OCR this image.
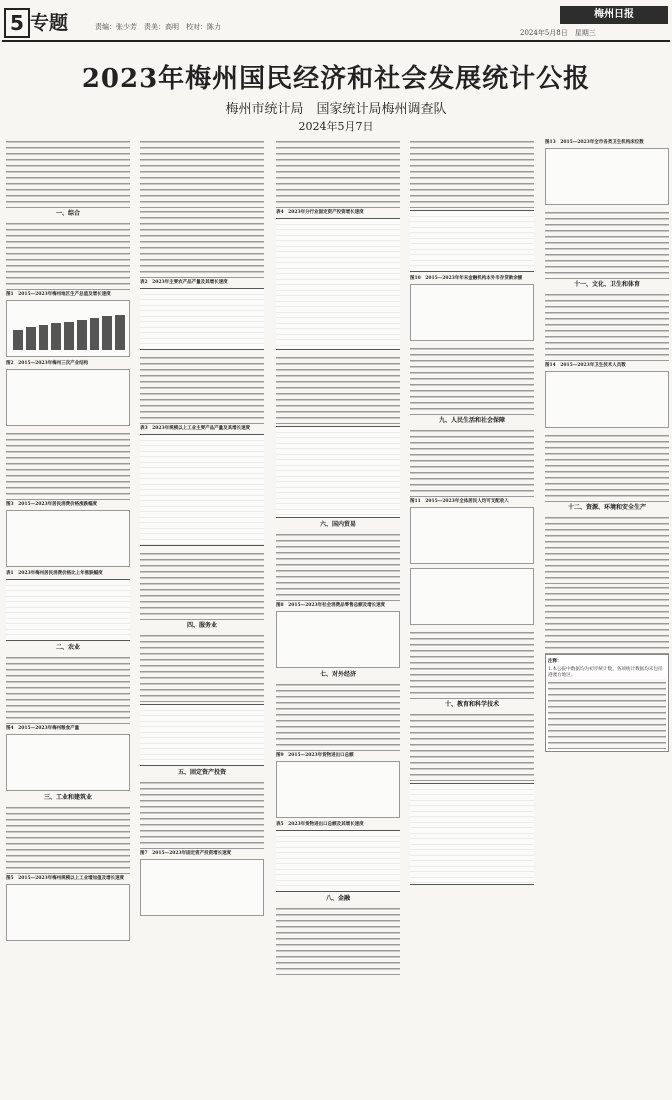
5 专题	责编：张少芳　责美：高明　校对：陈力
梅州日报
2024年5月8日　星期三
2023年梅州国民经济和社会发展统计公报
梅州市统计局　国家统计局梅州调查队
2024年5月7日
一、综合
图1　2015—2023年梅州地区生产总值及增长速度
图2　2015—2023年梅州三次产业结构
图3　2015—2023年居民消费价格涨跌幅度
表1　2023年梅州居民消费价格比上年涨跌幅度
二、农业
图4　2015—2023年梅州粮食产量
三、工业和建筑业
图5　2015—2023年梅州规模以上工业增加值及增长速度
表2　2023年主要农产品产量及其增长速度
表3　2023年规模以上工业主要产品产量及其增长速度
四、服务业
五、固定资产投资
图7　2015—2023年固定资产投资增长速度
表4　2023年分行业固定资产投资增长速度
六、国内贸易
图8　2015—2023年社会消费品零售总额及增长速度
七、对外经济
图9　2015—2023年货物进出口总额
表5　2023年货物进出口总额及其增长速度
八、金融
图10　2015—2023年年末金融机构本外币存贷款余额
九、人民生活和社会保障
图11　2015—2023年全体居民人均可支配收入
十、教育和科学技术
图13　2015—2023年全市各类卫生机构床位数
十一、文化、卫生和体育
图14　2015—2023年卫生技术人员数
十二、资源、环境和安全生产
注释：
1.本公报中数据均为初步统计数。各项统计数据均未包括港澳台地区。
